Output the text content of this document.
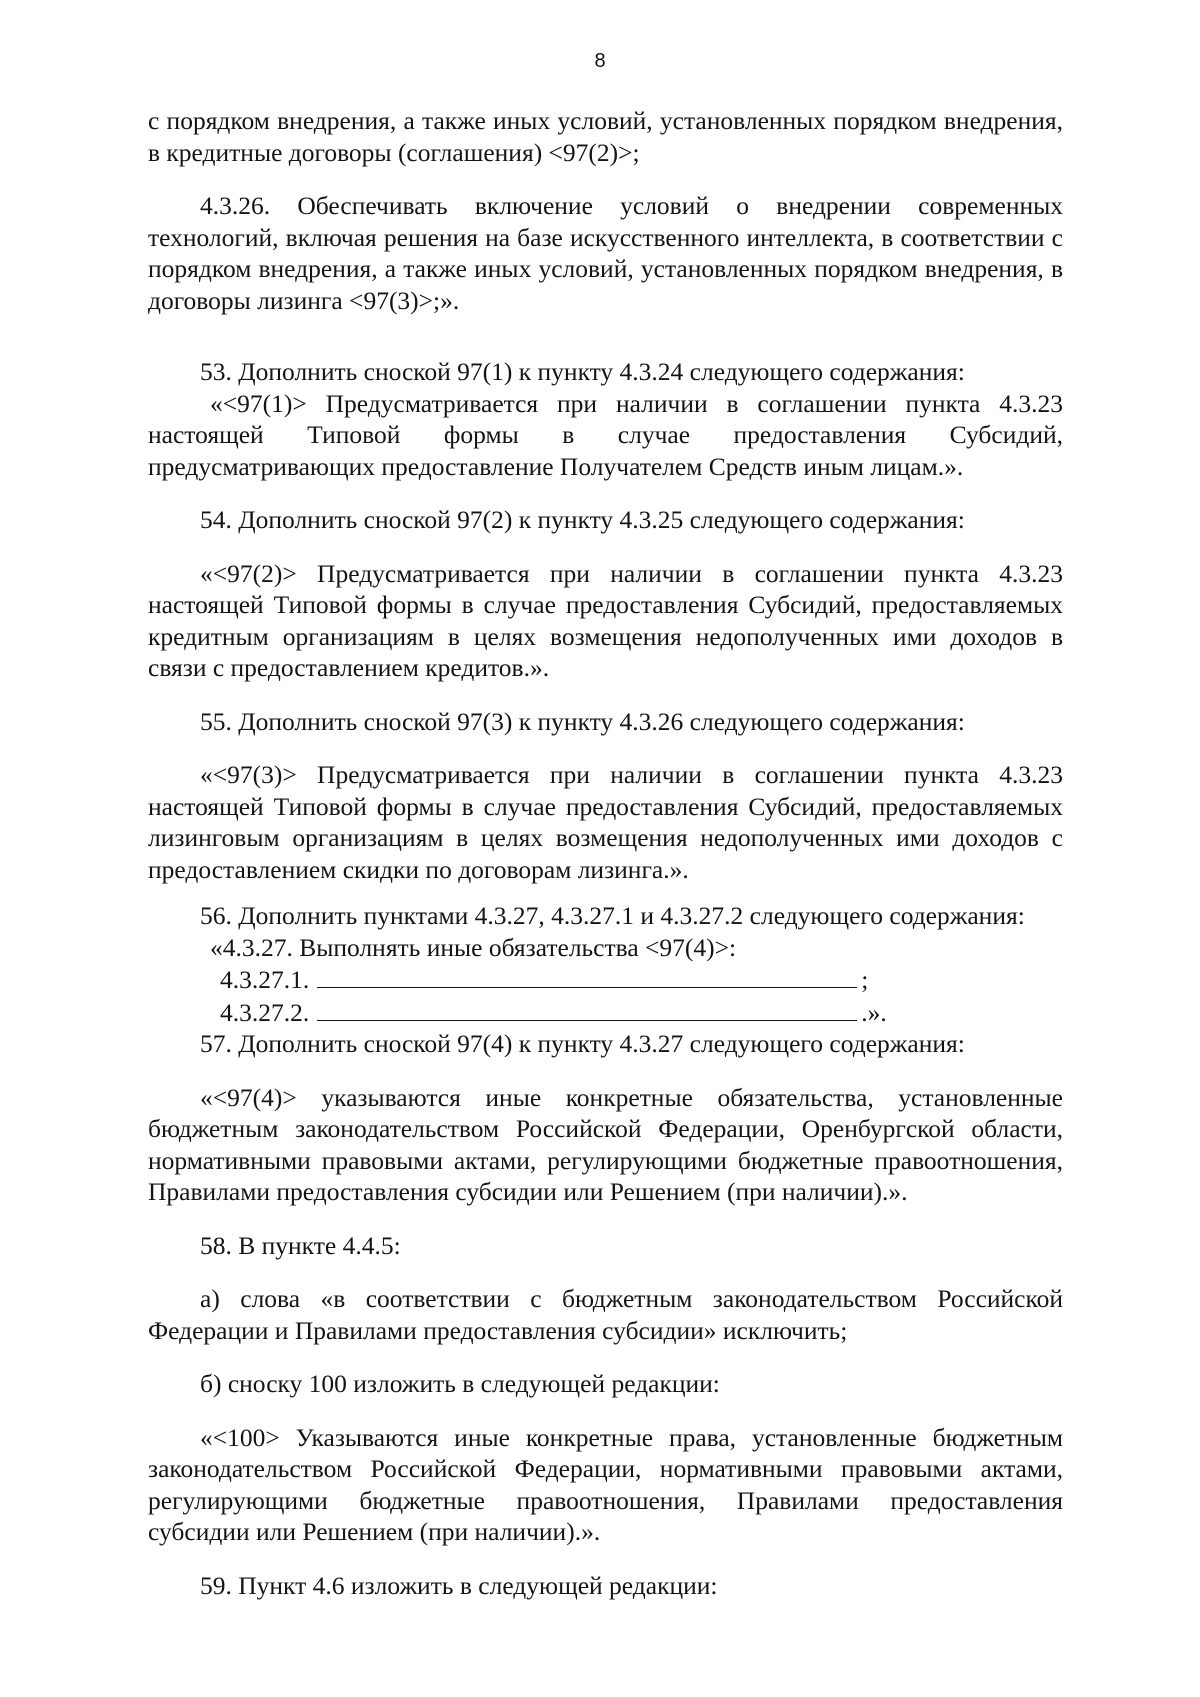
8

с порядком внедрения, а также иных условий, установленных порядком внедрения, в кредитные договоры (соглашения) <97(2)>;

4.3.26. Обеспечивать включение условий о внедрении современных технологий, включая решения на базе искусственного интеллекта, в соответствии с порядком внедрения, а также иных условий, установленных порядком внедрения, в договоры лизинга <97(3)>;».

53. Дополнить сноской 97(1) к пункту 4.3.24 следующего содержания:

«<97(1)> Предусматривается при наличии в соглашении пункта 4.3.23 настоящей Типовой формы в случае предоставления Субсидий, предусматривающих предоставление Получателем Средств иным лицам.».

54. Дополнить сноской 97(2) к пункту 4.3.25 следующего содержания:

«<97(2)> Предусматривается при наличии в соглашении пункта 4.3.23 настоящей Типовой формы в случае предоставления Субсидий, предоставляемых кредитным организациям в целях возмещения недополученных ими доходов в связи с предоставлением кредитов.».

55. Дополнить сноской 97(3) к пункту 4.3.26 следующего содержания:

«<97(3)> Предусматривается при наличии в соглашении пункта 4.3.23 настоящей Типовой формы в случае предоставления Субсидий, предоставляемых лизинговым организациям в целях возмещения недополученных ими доходов с предоставлением скидки по договорам лизинга.».

56. Дополнить пунктами 4.3.27, 4.3.27.1 и 4.3.27.2 следующего содержания:

«4.3.27. Выполнять иные обязательства <97(4)>:

4.3.27.1.	;
4.3.27.2.	.».

57. Дополнить сноской 97(4) к пункту 4.3.27 следующего содержания:

«<97(4)> указываются иные конкретные обязательства, установленные бюджетным законодательством Российской Федерации, Оренбургской области, нормативными правовыми актами, регулирующими бюджетные правоотношения, Правилами предоставления субсидии или Решением (при наличии).».

58. В пункте 4.4.5:

а) слова «в соответствии с бюджетным законодательством Российской Федерации и Правилами предоставления субсидии» исключить;

б) сноску 100 изложить в следующей редакции:

«<100> Указываются иные конкретные права, установленные бюджетным законодательством Российской Федерации, нормативными правовыми актами, регулирующими бюджетные правоотношения, Правилами предоставления субсидии или Решением (при наличии).».

59. Пункт 4.6 изложить в следующей редакции:
